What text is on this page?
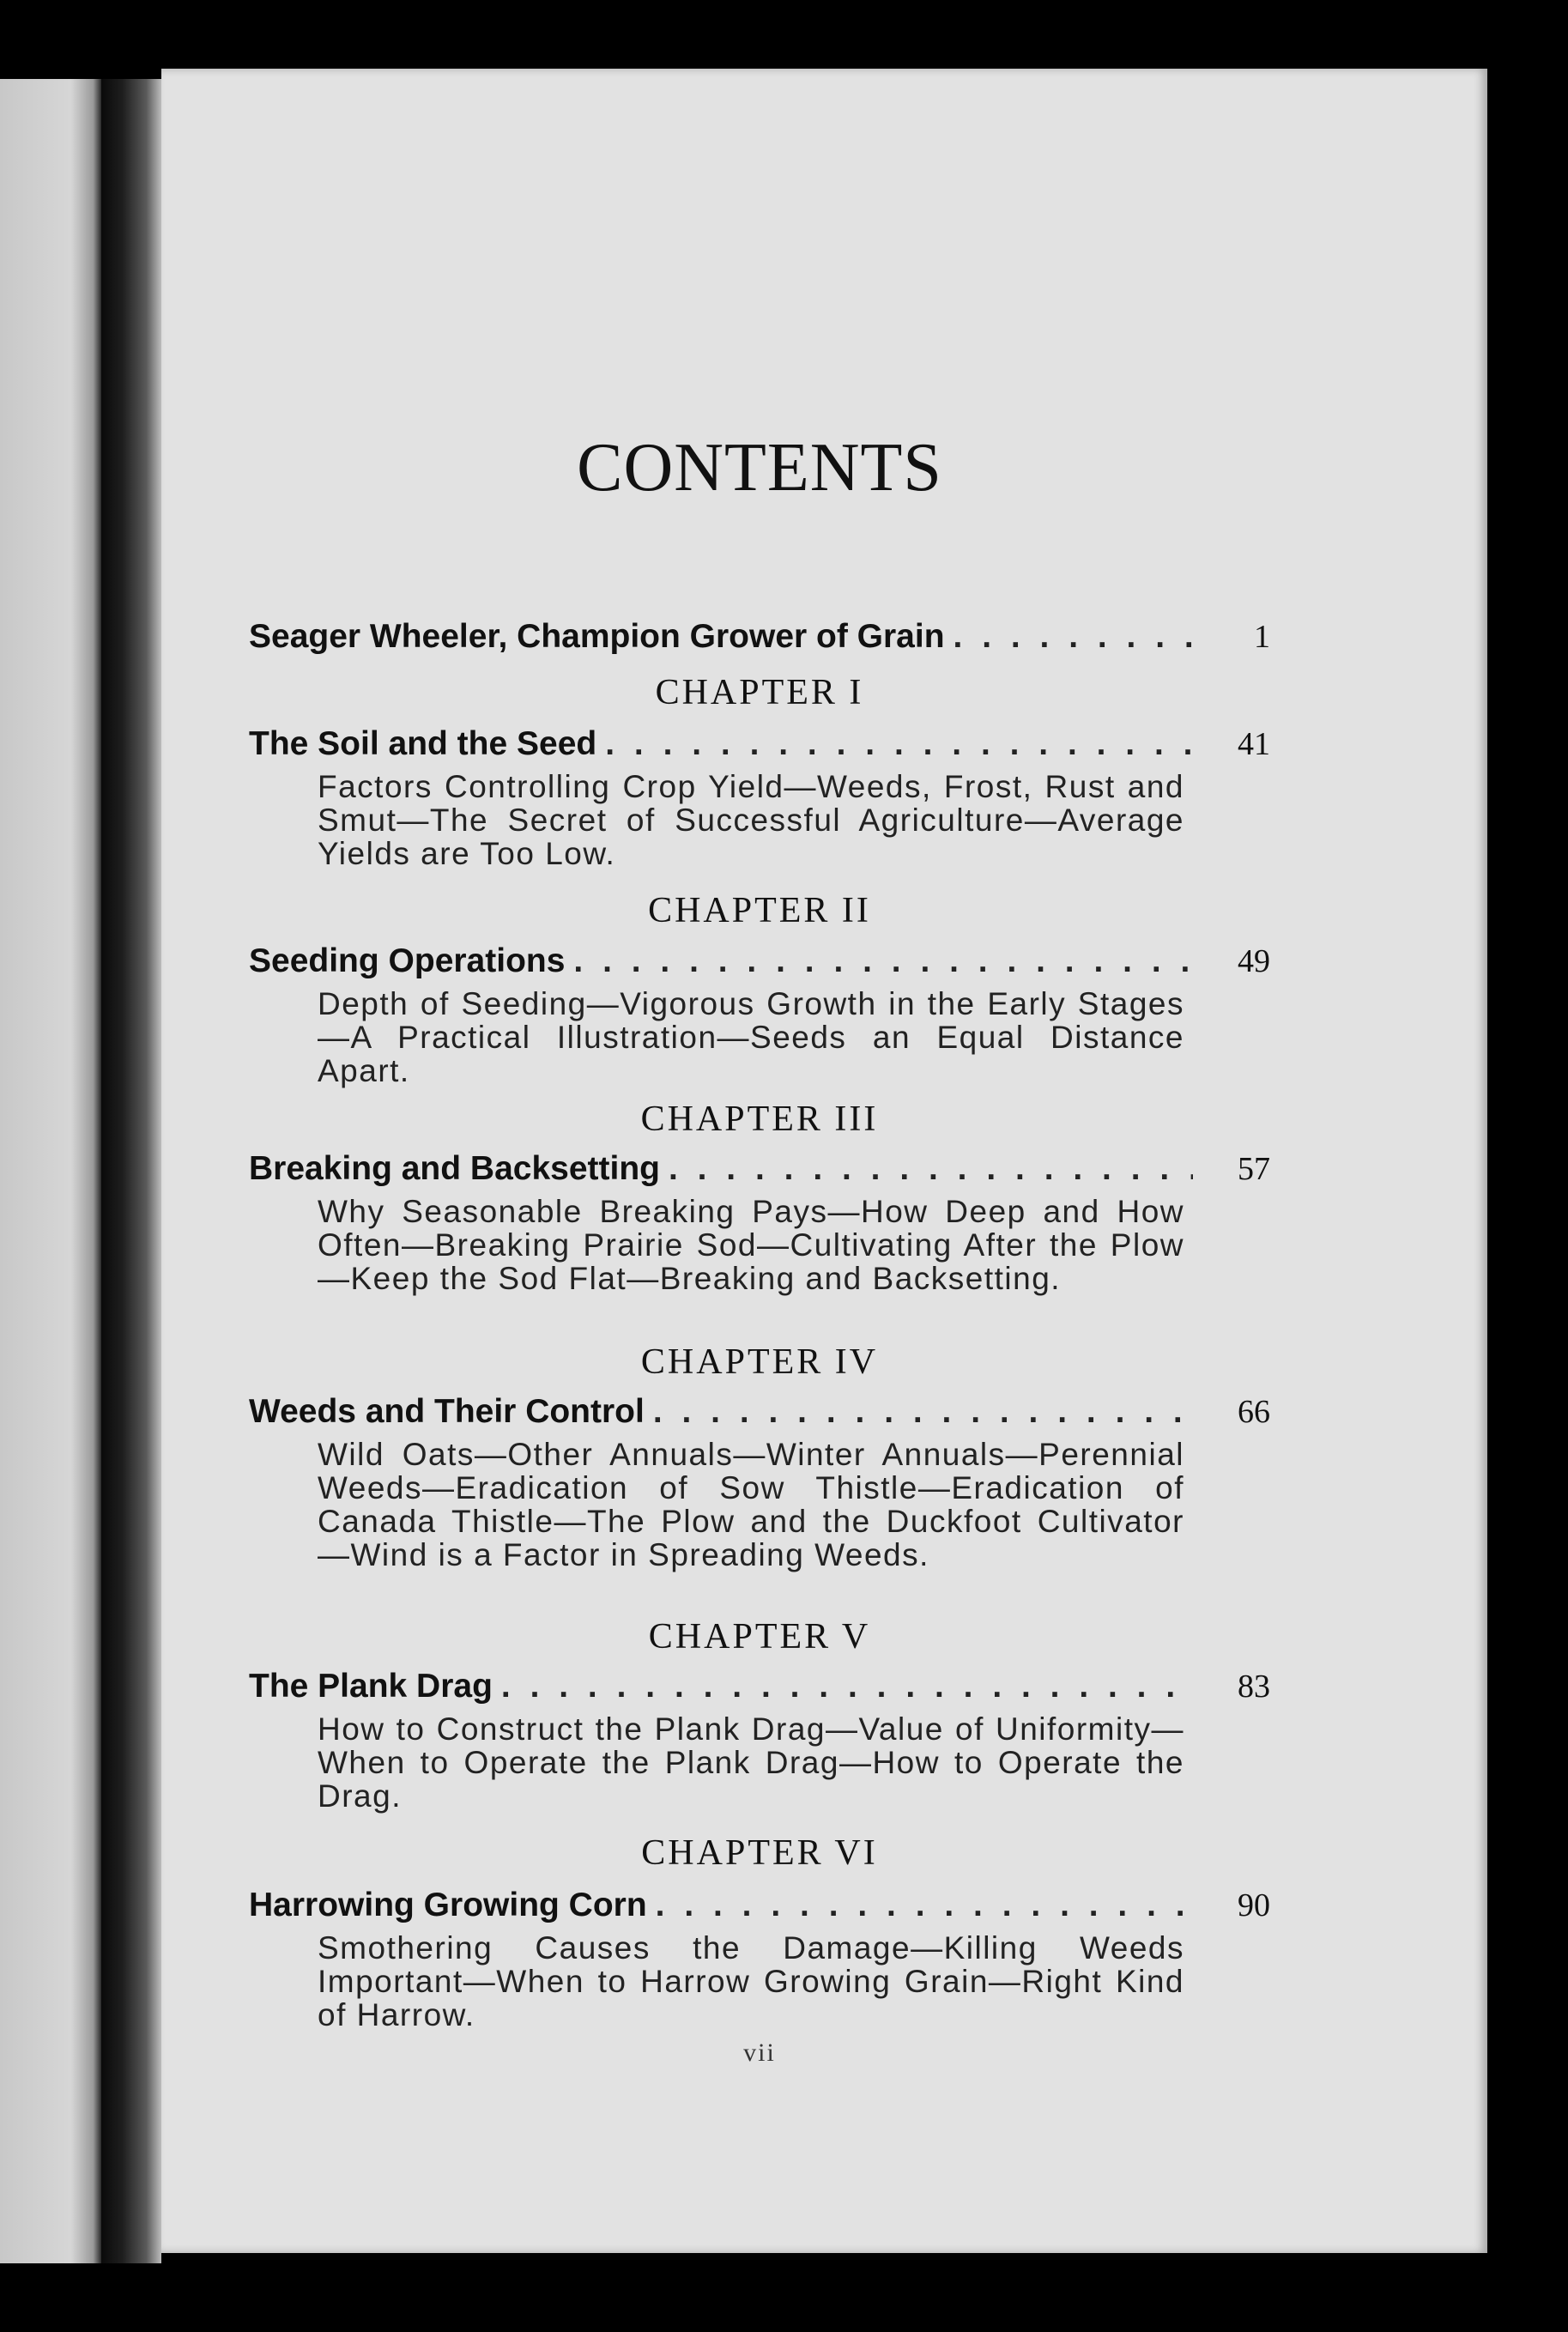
CONTENTS
Seager Wheeler, Champion Grower of Grain . . .	1
CHAPTER I
The Soil and the Seed . . .	41
Factors Controlling Crop Yield—Weeds, Frost, Rust and Smut—The Secret of Successful Agriculture—Average Yields are Too Low.
CHAPTER II
Seeding Operations . . .	49
Depth of Seeding—Vigorous Growth in the Early Stages—A Practical Illustration—Seeds an Equal Distance Apart.
CHAPTER III
Breaking and Backsetting . . .	57
Why Seasonable Breaking Pays—How Deep and How Often—Breaking Prairie Sod—Cultivating After the Plow—Keep the Sod Flat—Breaking and Backsetting.
CHAPTER IV
Weeds and Their Control . . .	66
Wild Oats—Other Annuals—Winter Annuals—Perennial Weeds—Eradication of Sow Thistle—Eradication of Canada Thistle—The Plow and the Duckfoot Cultivator—Wind is a Factor in Spreading Weeds.
CHAPTER V
The Plank Drag . . .	83
How to Construct the Plank Drag—Value of Uniformity—When to Operate the Plank Drag—How to Operate the Drag.
CHAPTER VI
Harrowing Growing Corn . . .	90
Smothering Causes the Damage—Killing Weeds Important—When to Harrow Growing Grain—Right Kind of Harrow.
vii
